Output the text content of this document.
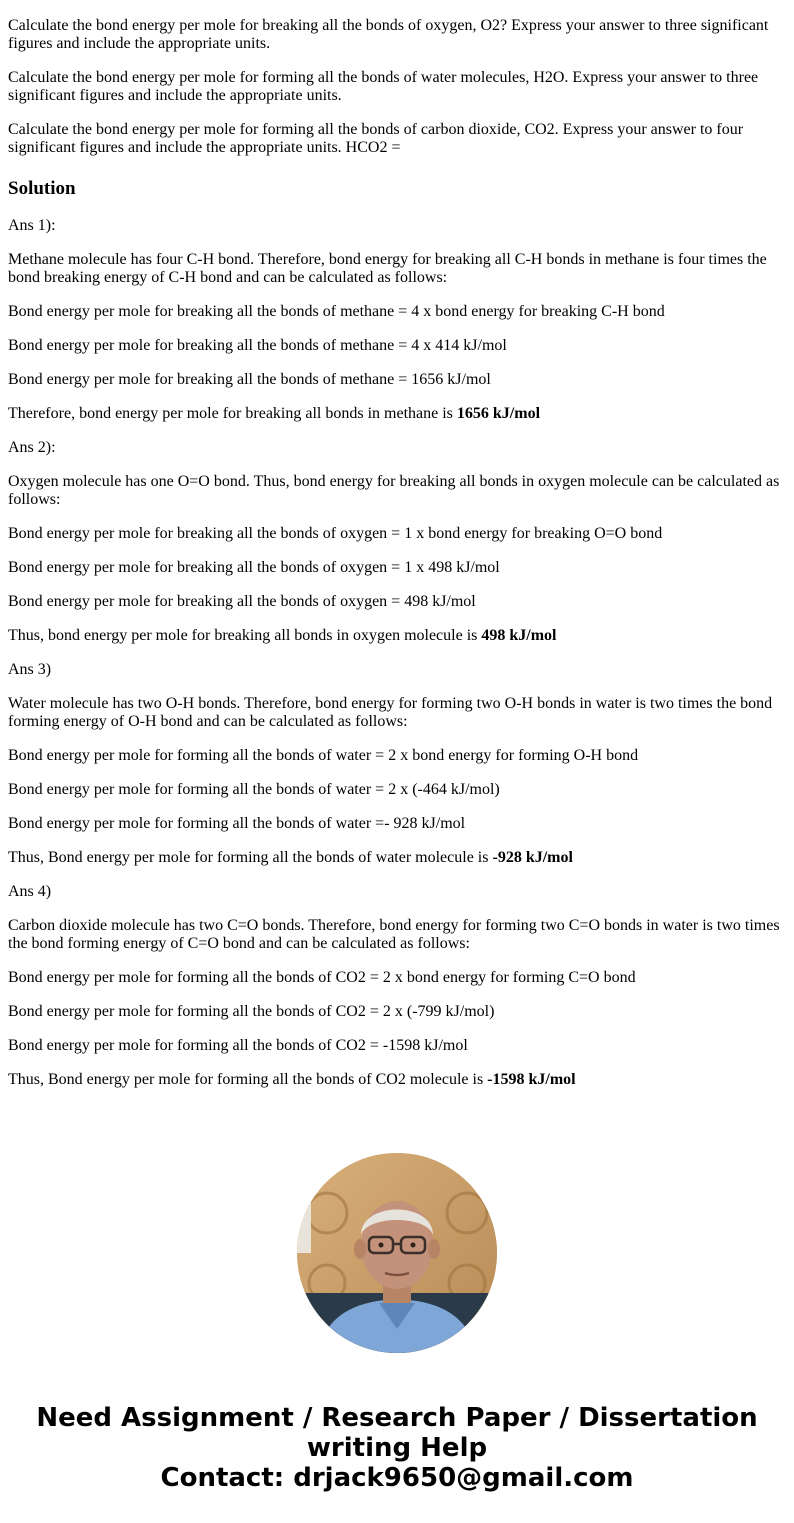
Calculate the bond energy per mole for breaking all the bonds of oxygen, O2? Express your answer to three significant figures and include the appropriate units.

Calculate the bond energy per mole for forming all the bonds of water molecules, H2O. Express your answer to three significant figures and include the appropriate units.

Calculate the bond energy per mole for forming all the bonds of carbon dioxide, CO2. Express your answer to four significant figures and include the appropriate units. HCO2 =

Solution

Ans 1):

Methane molecule has four C-H bond. Therefore, bond energy for breaking all C-H bonds in methane is four times the bond breaking energy of C-H bond and can be calculated as follows:

Bond energy per mole for breaking all the bonds of methane = 4 x bond energy for breaking C-H bond

Bond energy per mole for breaking all the bonds of methane = 4 x 414 kJ/mol

Bond energy per mole for breaking all the bonds of methane = 1656 kJ/mol

Therefore, bond energy per mole for breaking all bonds in methane is 1656 kJ/mol

Ans 2):

Oxygen molecule has one O=O bond. Thus, bond energy for breaking all bonds in oxygen molecule can be calculated as follows:

Bond energy per mole for breaking all the bonds of oxygen = 1 x bond energy for breaking O=O bond

Bond energy per mole for breaking all the bonds of oxygen = 1 x 498 kJ/mol

Bond energy per mole for breaking all the bonds of oxygen = 498 kJ/mol

Thus, bond energy per mole for breaking all bonds in oxygen molecule is 498 kJ/mol

Ans 3)

Water molecule has two O-H bonds. Therefore, bond energy for forming two O-H bonds in water is two times the bond forming energy of O-H bond and can be calculated as follows:

Bond energy per mole for forming all the bonds of water = 2 x bond energy for forming O-H bond

Bond energy per mole for forming all the bonds of water = 2 x (-464 kJ/mol)

Bond energy per mole for forming all the bonds of water =- 928 kJ/mol

Thus, Bond energy per mole for forming all the bonds of water molecule is -928 kJ/mol

Ans 4)

Carbon dioxide molecule has two C=O bonds. Therefore, bond energy for forming two C=O bonds in water is two times the bond forming energy of C=O bond and can be calculated as follows:

Bond energy per mole for forming all the bonds of CO2 = 2 x bond energy for forming C=O bond

Bond energy per mole for forming all the bonds of CO2 = 2 x (-799 kJ/mol)

Bond energy per mole for forming all the bonds of CO2 = -1598 kJ/mol

Thus, Bond energy per mole for forming all the bonds of CO2 molecule is -1598 kJ/mol

Need Assignment / Research Paper / Dissertation
writing Help
Contact: drjack9650@gmail.com
